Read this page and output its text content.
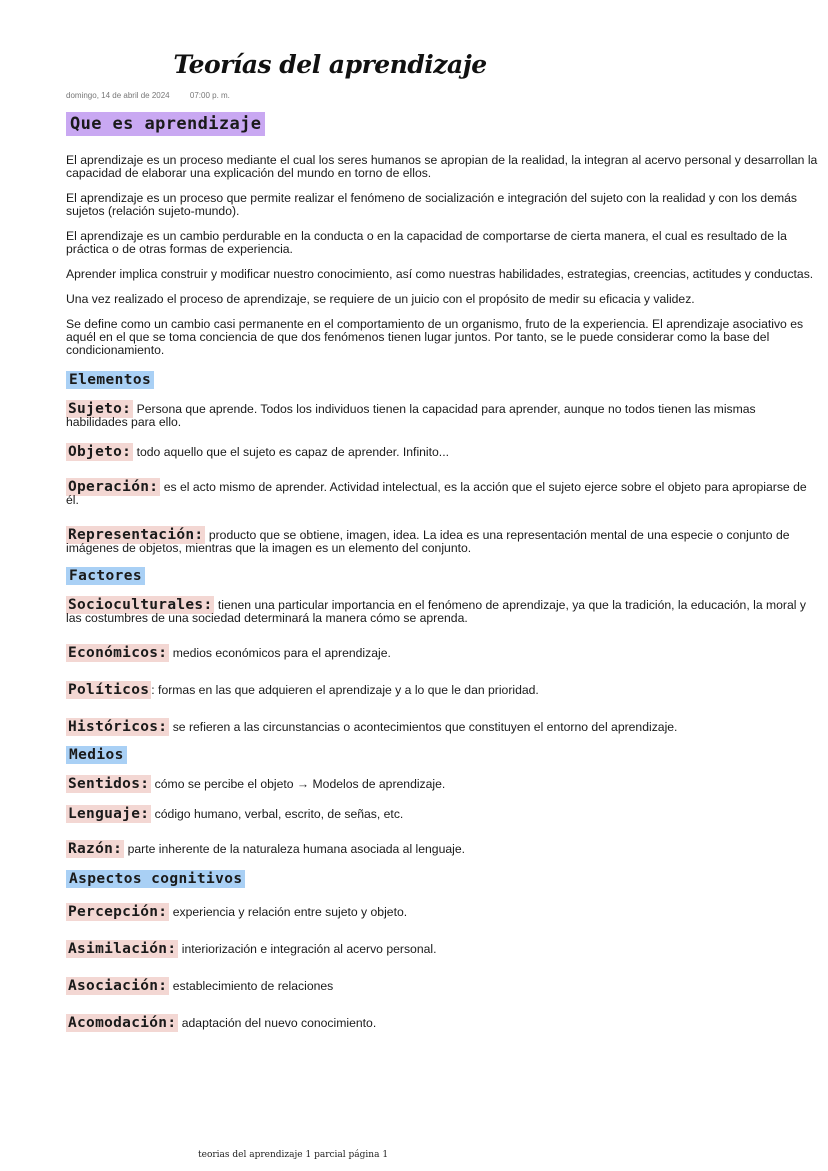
Teorías del aprendizaje
domingo, 14 de abril de 2024	07:00 p. m.
Que es aprendizaje

El aprendizaje es un proceso mediante el cual los seres humanos se apropian de la realidad, la integran al acervo personal y desarrollan la capacidad de elaborar una explicación del mundo en torno de ellos.

El aprendizaje es un proceso que permite realizar el fenómeno de socialización e integración del sujeto con la realidad y con los demás sujetos (relación sujeto-mundo).

El aprendizaje es un cambio perdurable en la conducta o en la capacidad de comportarse de cierta manera, el cual es resultado de la práctica o de otras formas de experiencia.

Aprender implica construir y modificar nuestro conocimiento, así como nuestras habilidades, estrategias, creencias, actitudes y conductas.

Una vez realizado el proceso de aprendizaje, se requiere de un juicio con el propósito de medir su eficacia y validez.

Se define como un cambio casi permanente en el comportamiento de un organismo, fruto de la experiencia. El aprendizaje asociativo es aquél en el que se toma conciencia de que dos fenómenos tienen lugar juntos. Por tanto, se le puede considerar como la base del condicionamiento.

Elementos
Sujeto: Persona que aprende. Todos los individuos tienen la capacidad para aprender, aunque no todos tienen las mismas habilidades para ello.
Objeto: todo aquello que el sujeto es capaz de aprender. Infinito...
Operación: es el acto mismo de aprender. Actividad intelectual, es la acción que el sujeto ejerce sobre el objeto para apropiarse de él.
Representación: producto que se obtiene, imagen, idea. La idea es una representación mental de una especie o conjunto de imágenes de objetos, mientras que la imagen es un elemento del conjunto.
Factores
Socioculturales: tienen una particular importancia en el fenómeno de aprendizaje, ya que la tradición, la educación, la moral y las costumbres de una sociedad determinará la manera cómo se aprenda.
Económicos: medios económicos para el aprendizaje.
Políticos : formas en las que adquieren el aprendizaje y a lo que le dan prioridad.
Históricos: se refieren a las circunstancias o acontecimientos que constituyen el entorno del aprendizaje.
Medios
Sentidos: cómo se percibe el objeto → Modelos de aprendizaje.
Lenguaje: código humano, verbal, escrito, de señas, etc.
Razón: parte inherente de la naturaleza humana asociada al lenguaje.
Aspectos cognitivos
Percepción: experiencia y relación entre sujeto y objeto.
Asimilación: interiorización e integración al acervo personal.
Asociación: establecimiento de relaciones
Acomodación: adaptación del nuevo conocimiento.
teorias del aprendizaje 1 parcial página 1
